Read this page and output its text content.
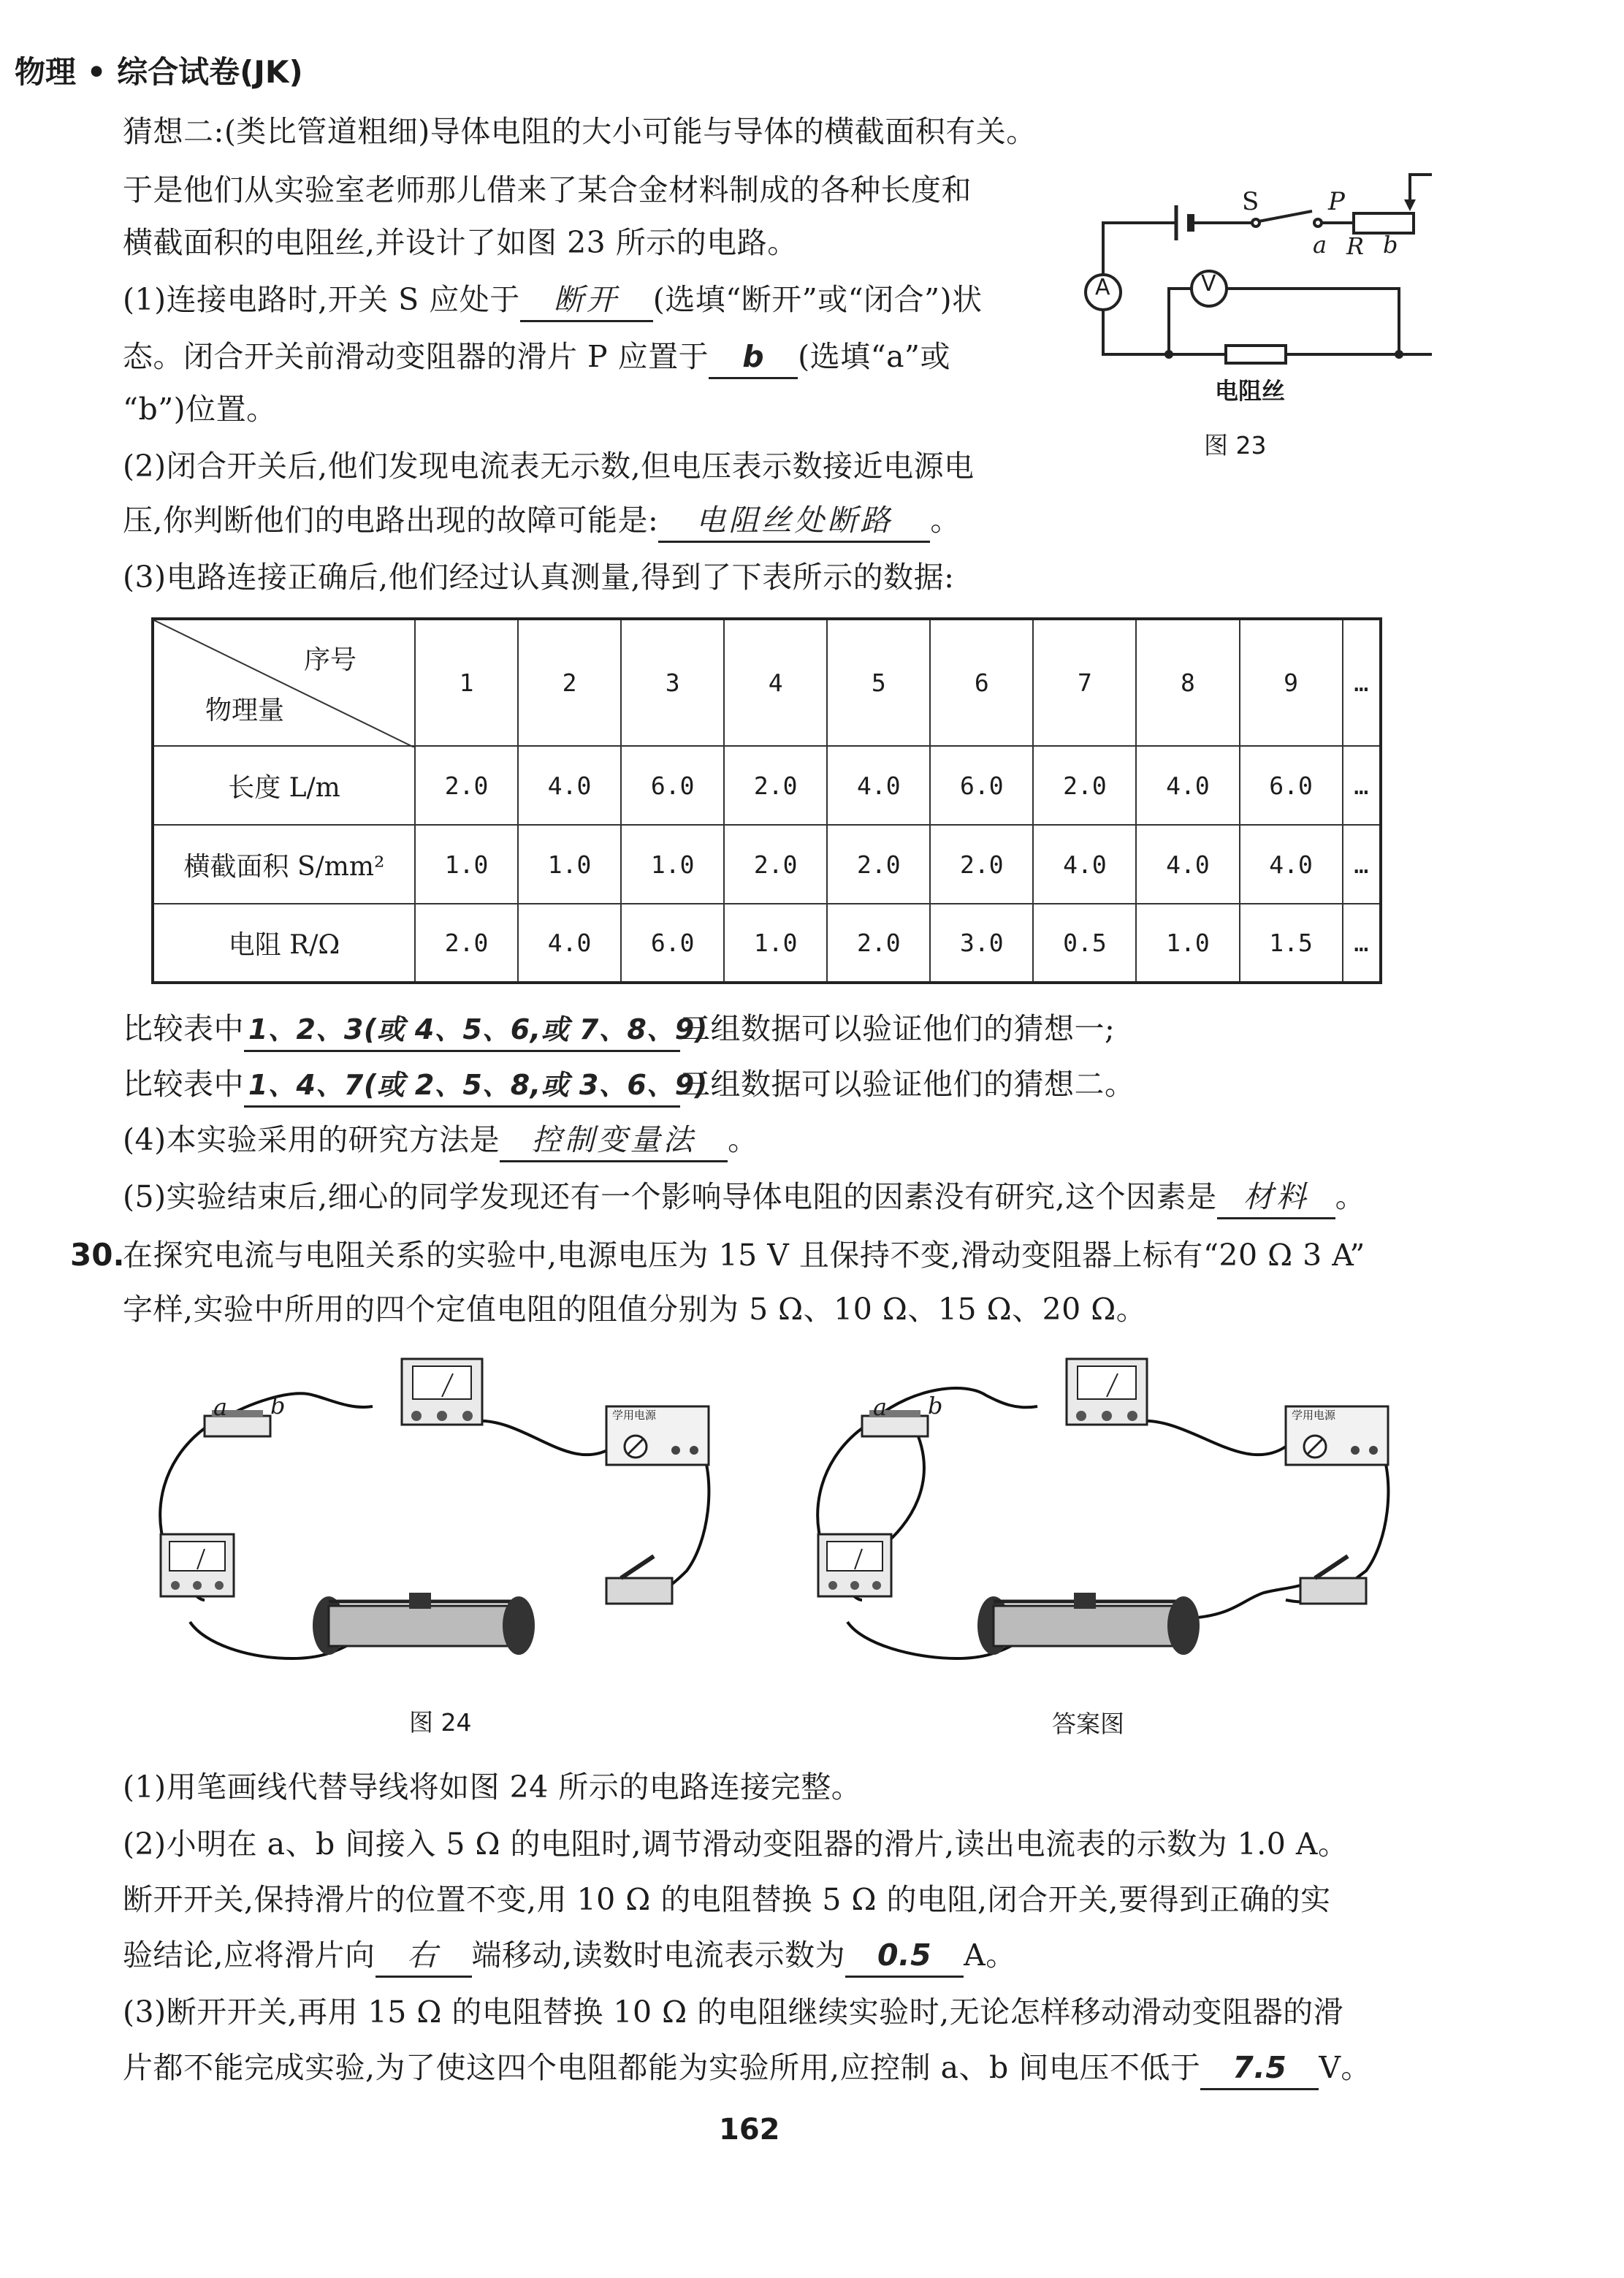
物理 • 综合试卷(JK)
猜想二:(类比管道粗细)导体电阻的大小可能与导体的横截面积有关。
于是他们从实验室老师那儿借来了某合金材料制成的各种长度和
横截面积的电阻丝,并设计了如图 23 所示的电路。
(1)连接电路时,开关 S 应处于 断开 (选填“断开”或“闭合”)状
态。闭合开关前滑动变阻器的滑片 P 应置于 b (选填“a”或
“b”)位置。
(2)闭合开关后,他们发现电流表无示数,但电压表示数接近电源电
压,你判断他们的电路出现的故障可能是: 电阻丝处断路 。
(3)电路连接正确后,他们经过认真测量,得到了下表所示的数据:
A	V
S	P
a R b
电阻丝
图 23
序号
物理量	1	2	3	4	5	6	7	8	9	…
长度 L/m	2.0	4.0	6.0	2.0	4.0	6.0	2.0	4.0	6.0	…
横截面积 S/mm²	1.0	1.0	1.0	2.0	2.0	2.0	4.0	4.0	4.0	…
电阻 R/Ω	2.0	4.0	6.0	1.0	2.0	3.0	0.5	1.0	1.5	…
比较表中 1、2、3(或 4、5、6,或 7、8、9)三组数据可以验证他们的猜想一;
比较表中 1、4、7(或 2、5、8,或 3、6、9)三组数据可以验证他们的猜想二。
(4)本实验采用的研究方法是 控制变量法 。
(5)实验结束后,细心的同学发现还有一个影响导体电阻的因素没有研究,这个因素是 材料 。
30.
在探究电流与电阻关系的实验中,电源电压为 15 V 且保持不变,滑动变阻器上标有“20 Ω 3 A”
字样,实验中所用的四个定值电阻的阻值分别为 5 Ω、10 Ω、15 Ω、20 Ω。
a b	学用电源
图 24
a b	学用电源
答案图
(1)用笔画线代替导线将如图 24 所示的电路连接完整。
(2)小明在 a、b 间接入 5 Ω 的电阻时,调节滑动变阻器的滑片,读出电流表的示数为 1.0 A。
断开开关,保持滑片的位置不变,用 10 Ω 的电阻替换 5 Ω 的电阻,闭合开关,要得到正确的实
验结论,应将滑片向 右 端移动,读数时电流表示数为 0.5 A。
(3)断开开关,再用 15 Ω 的电阻替换 10 Ω 的电阻继续实验时,无论怎样移动滑动变阻器的滑
片都不能完成实验,为了使这四个电阻都能为实验所用,应控制 a、b 间电压不低于 7.5 V。
162
